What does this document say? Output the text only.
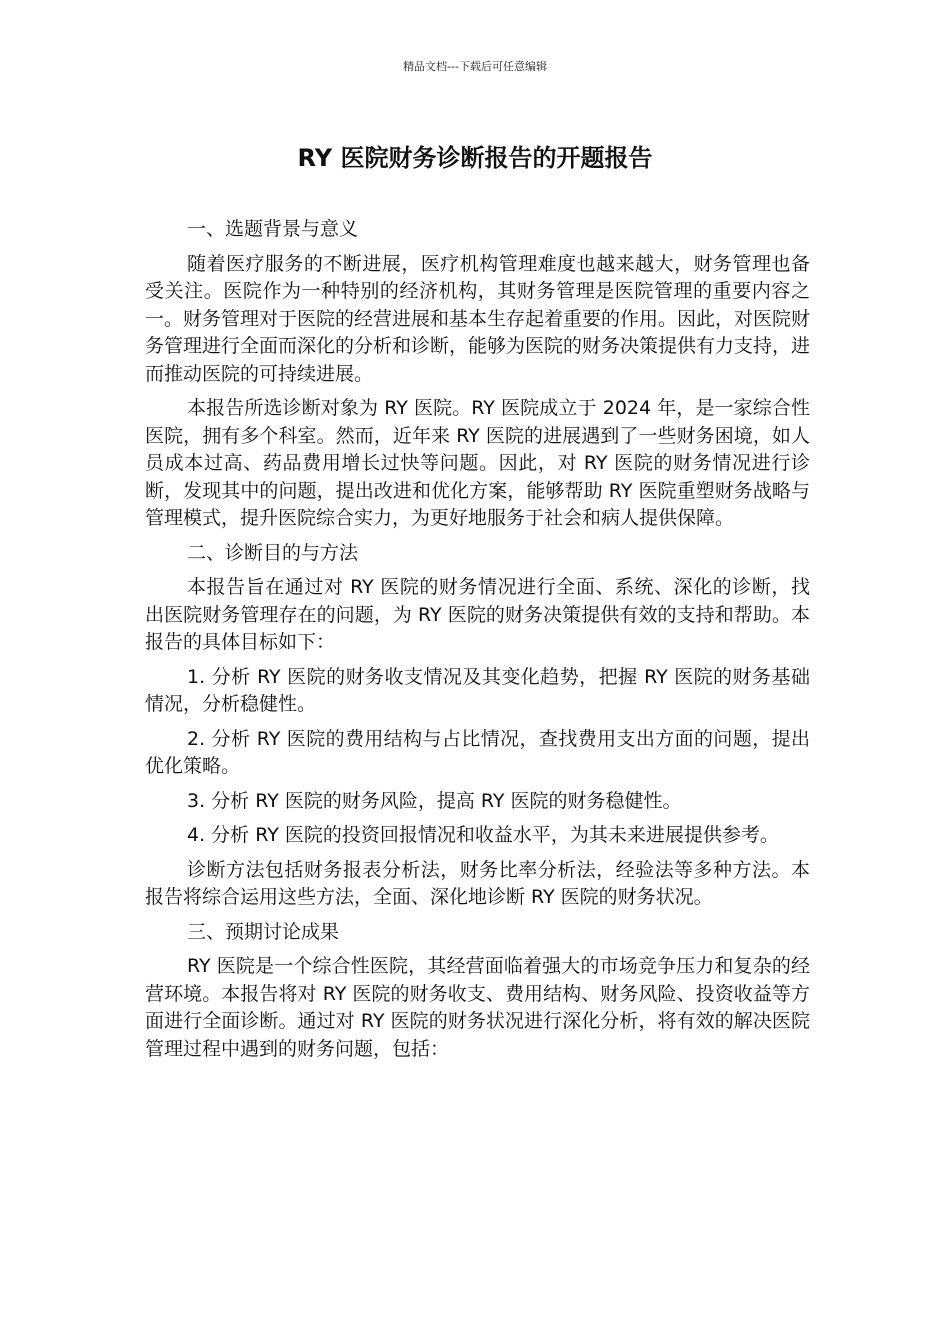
精品文档---下载后可任意编辑
RY 医院财务诊断报告的开题报告

一、选题背景与意义

随着医疗服务的不断进展，医疗机构管理难度也越来越大，财务管理也备受关注。医院作为一种特别的经济机构，其财务管理是医院管理的重要内容之一。财务管理对于医院的经营进展和基本生存起着重要的作用。因此，对医院财务管理进行全面而深化的分析和诊断，能够为医院的财务决策提供有力支持，进而推动医院的可持续进展。

本报告所选诊断对象为 RY 医院。RY 医院成立于 2024 年，是一家综合性医院，拥有多个科室。然而，近年来 RY 医院的进展遇到了一些财务困境，如人员成本过高、药品费用增长过快等问题。因此，对 RY 医院的财务情况进行诊断，发现其中的问题，提出改进和优化方案，能够帮助 RY 医院重塑财务战略与管理模式，提升医院综合实力，为更好地服务于社会和病人提供保障。

二、诊断目的与方法

本报告旨在通过对 RY 医院的财务情况进行全面、系统、深化的诊断，找出医院财务管理存在的问题，为 RY 医院的财务决策提供有效的支持和帮助。本报告的具体目标如下：

1. 分析 RY 医院的财务收支情况及其变化趋势，把握 RY 医院的财务基础情况，分析稳健性。

2. 分析 RY 医院的费用结构与占比情况，查找费用支出方面的问题，提出优化策略。

3. 分析 RY 医院的财务风险，提高 RY 医院的财务稳健性。

4. 分析 RY 医院的投资回报情况和收益水平，为其未来进展提供参考。

诊断方法包括财务报表分析法，财务比率分析法，经验法等多种方法。本报告将综合运用这些方法，全面、深化地诊断 RY 医院的财务状况。

三、预期讨论成果

RY 医院是一个综合性医院，其经营面临着强大的市场竞争压力和复杂的经营环境。本报告将对 RY 医院的财务收支、费用结构、财务风险、投资收益等方面进行全面诊断。通过对 RY 医院的财务状况进行深化分析，将有效的解决医院管理过程中遇到的财务问题，包括：
